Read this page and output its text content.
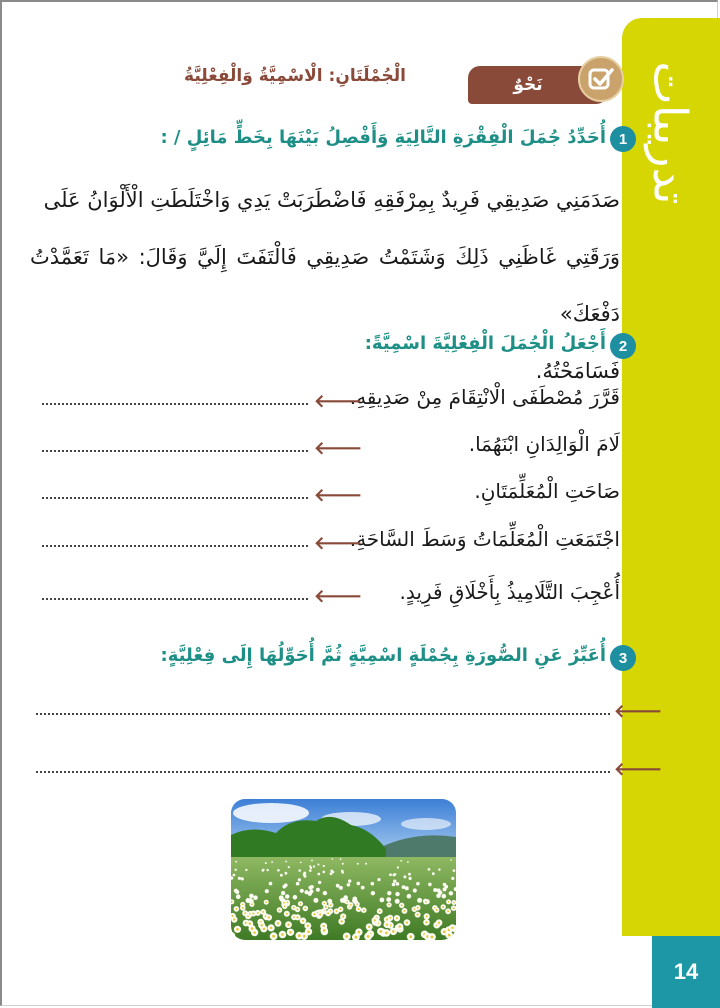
تدريبات
14
نَحْوٌ
الْجُمْلَتَانِ: الْاسْمِيَّةُ وَالْفِعْلِيَّةُ
1
أُحَدِّدُ جُمَلَ الْفِقْرَةِ التَّالِيَةِ وَأَفْصِلُ بَيْنَهَا بِخَطٍّ مَائِلٍ / :

صَدَمَنِي صَدِيقِي فَرِيدٌ بِمِرْفَقِهِ فَاضْطَرَبَتْ يَدِي وَاخْتَلَطَتِ الْأَلْوَانُ عَلَى

وَرَقَتِي غَاظَنِي ذَلِكَ وَشَتَمْتُ صَدِيقِي فَالْتَفَتَ إِلَيَّ وَقَالَ: «مَا تَعَمَّدْتُ دَفْعَكَ»

فَسَامَحْتُهُ.

2
أَجْعَلُ الْجُمَلَ الْفِعْلِيَّةَ اسْمِيَّةً:
قَرَّرَ مُصْطَفَى الْانْتِقَامَ مِنْ صَدِيقِهِ.
🡐
لَامَ الْوَالِدَانِ ابْنَهُمَا.
🡐
صَاحَتِ الْمُعَلِّمَتَانِ.
🡐
اجْتَمَعَتِ الْمُعَلِّمَاتُ وَسَطَ السَّاحَةِ.
🡐
أُعْجِبَ التَّلَامِيذُ بِأَخْلَاقِ فَرِيدٍ.
🡐
3
أُعَبِّرُ عَنِ الصُّورَةِ بِجُمْلَةٍ اسْمِيَّةٍ ثُمَّ أُحَوِّلُهَا إِلَى فِعْلِيَّةٍ:
🡐
🡐
